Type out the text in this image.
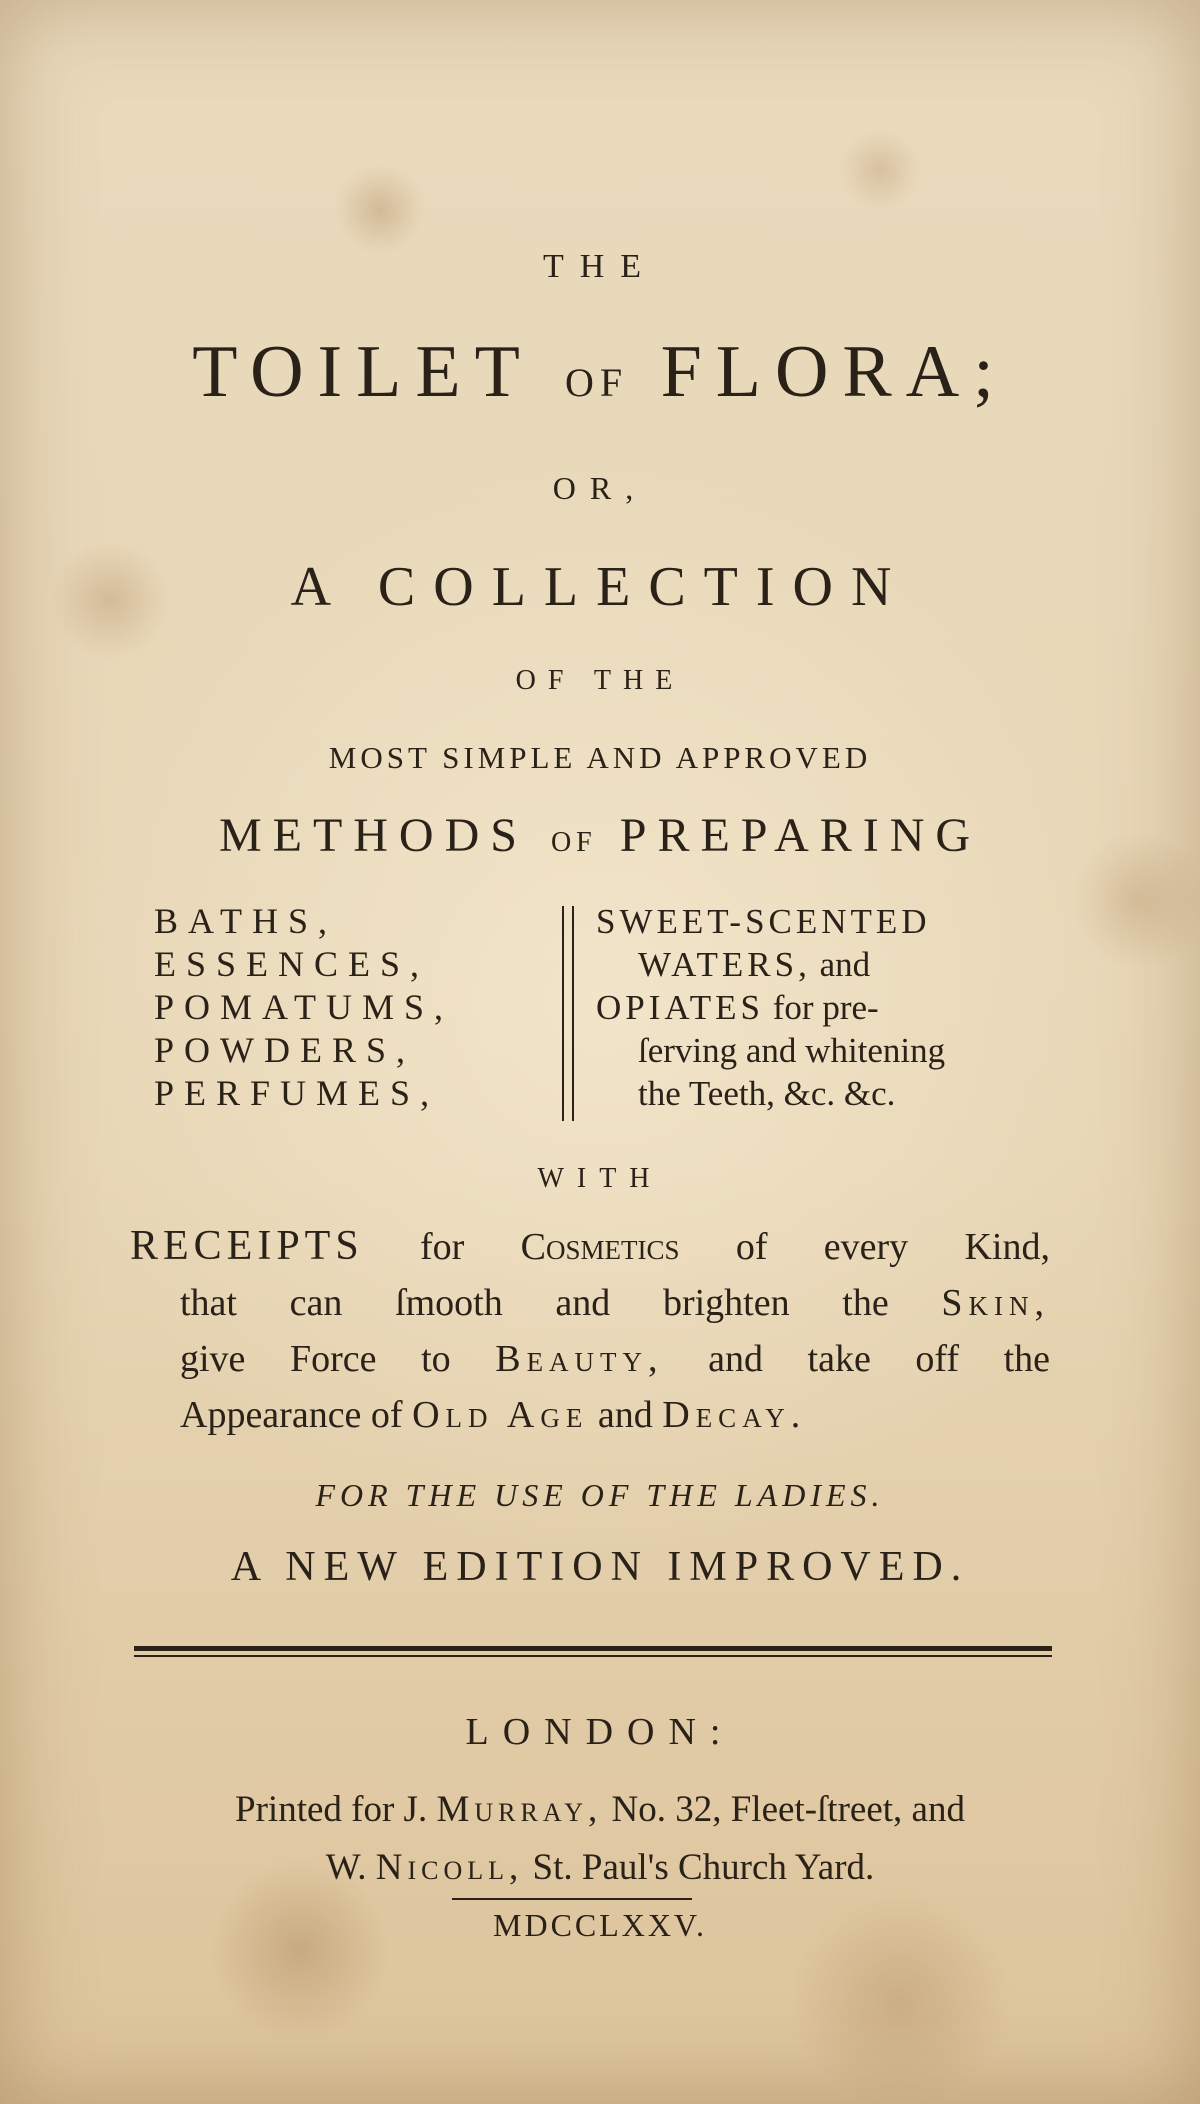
THE
TOILET OF FLORA;
OR,
A COLLECTION
OF THE
MOST SIMPLE AND APPROVED
METHODS OF PREPARING
BATHS,
ESSENCES,
POMATUMS,
POWDERS,
PERFUMES,
SWEET-SCENTED
WATERS, and
OPIATES for pre-
ſerving and whitening
the Teeth, &c. &c.
WITH
RECEIPTS for Cosmetics of every Kind,
that can ſmooth and brighten the Skin,
give Force to Beauty, and take off the
Appearance of Old Age and Decay.
FOR THE USE OF THE LADIES.
A NEW EDITION IMPROVED.
LONDON:
Printed for J. Murray, No. 32, Fleet-ſtreet, and
W. Nicoll, St. Paul's Church Yard.
MDCCLXXV.
